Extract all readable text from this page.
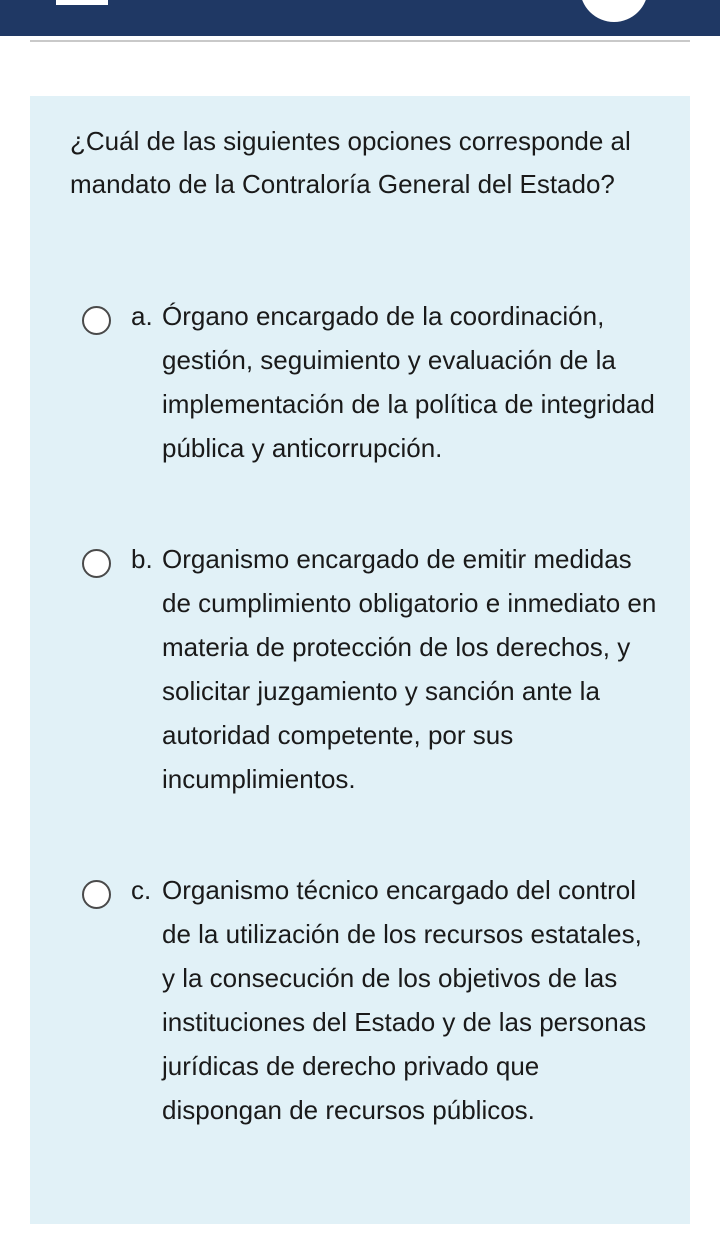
¿Cuál de las siguientes opciones corresponde al mandato de la Contraloría General del Estado?
a. Órgano encargado de la coordinación, gestión, seguimiento y evaluación de la implementación de la política de integridad pública y anticorrupción.
b. Organismo encargado de emitir medidas de cumplimiento obligatorio e inmediato en materia de protección de los derechos, y solicitar juzgamiento y sanción ante la autoridad competente, por sus incumplimientos.
c. Organismo técnico encargado del control de la utilización de los recursos estatales, y la consecución de los objetivos de las instituciones del Estado y de las personas jurídicas de derecho privado que dispongan de recursos públicos.
